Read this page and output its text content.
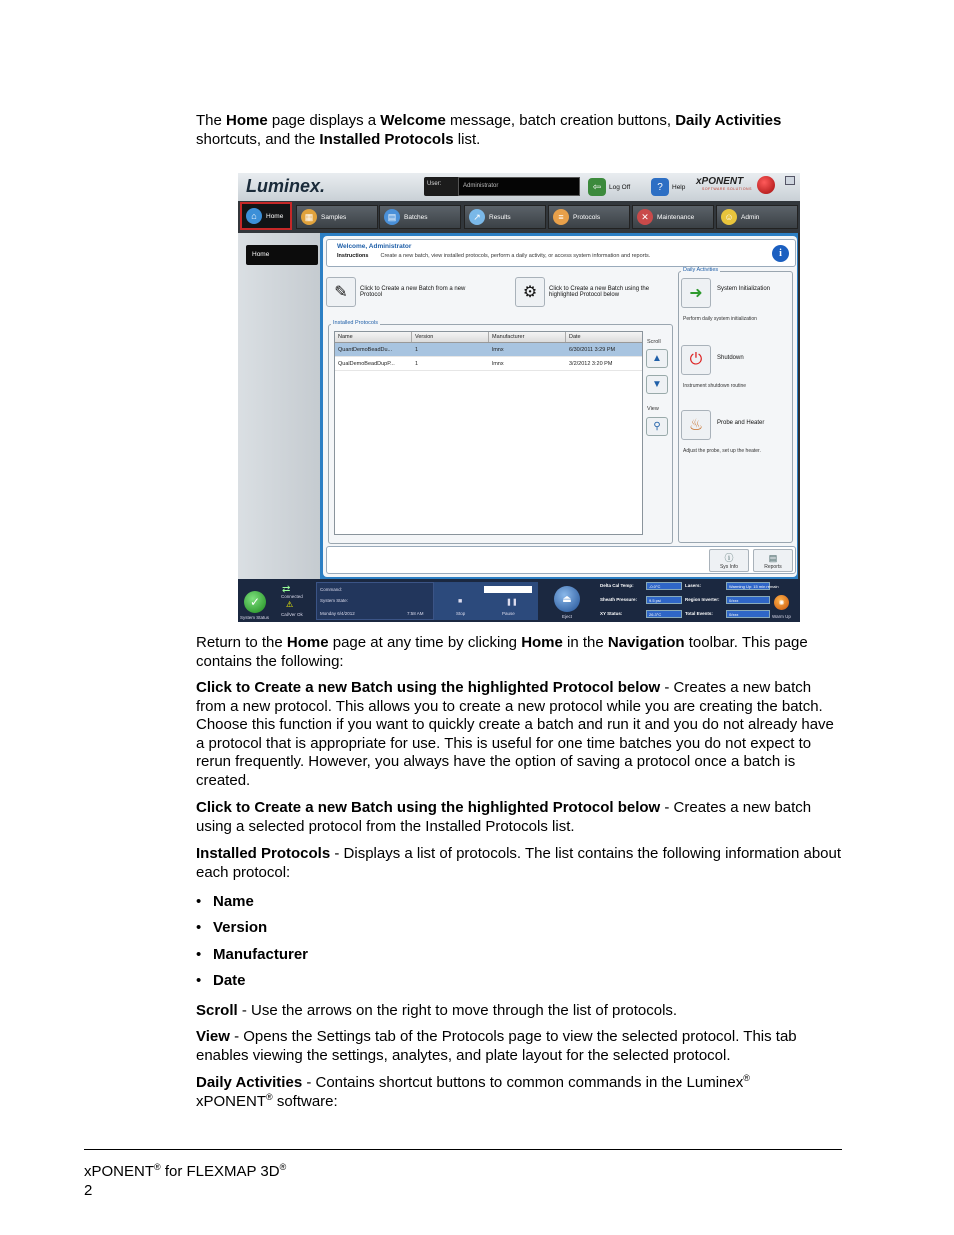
The Home page displays a Welcome message, batch creation buttons, Daily Activities shortcuts, and the Installed Protocols list.

Luminex.	User:	Administrator	⇦	Log Off	?	Help xPONENT
SOFTWARE SOLUTIONS
⌂	Home	▦	Samples	▤	Batches	↗	Results	≡	Protocols	✕	Maintenance	☺	Admin
Home
Welcome, Administrator
Instructions Create a new batch, view installed protocols, perform a daily activity, or access system information and reports.	i
✎	Click to Create a new Batch from a new Protocol	⚙	Click to Create a new Batch using the highlighted Protocol below
Name	Version	Manufacturer	Date
QuantDemoBeadDu...	1	lmnx	6/30/2011 3:29 PM
QualDemoBeadDupP...	1	lmnx	3/2/2012 3:20 PM
Scroll
▲
▼
View
⚲
Installed Protocols
➜	System Initialization
Perform daily system initialization
⏻	Shutdown
Instrument shutdown routine
♨	Probe and Heater
Adjust the probe, set up the heater.
Daily Activities
ⓘ
Sys Info
▤
Reports
✓
System Status
⇄
Connected
⚠
Cal/Ver Ok
Command:
System State:
Monday 6/4/2012	7:58 AM
■
Stop
❚❚
Pause
⏏
Eject
Delta Cal Temp:	-0.0°C
Sheath Pressure:	9.5 psi
XY Status:	26.3°C
Lasers:	Warming Up: 15 min remain
Region Inverter:	0/xxx
Total Events:	0/xxx
✺
Warm Up

Return to the Home page at any time by clicking Home in the Navigation toolbar. This page contains the following:

Click to Create a new Batch using the highlighted Protocol below - Creates a new batch from a new protocol. This allows you to create a new protocol while you are creating the batch. Choose this function if you want to quickly create a batch and run it and you do not already have a protocol that is appropriate for use. This is useful for one time batches you do not expect to rerun frequently. However, you always have the option of saving a protocol once a batch is created.

Click to Create a new Batch using the highlighted Protocol below - Creates a new batch using a selected protocol from the Installed Protocols list.

Installed Protocols - Displays a list of protocols. The list contains the following information about each protocol:

• Name
• Version
• Manufacturer
• Date

Scroll - Use the arrows on the right to move through the list of protocols.

View - Opens the Settings tab of the Protocols page to view the selected protocol. This tab enables viewing the settings, analytes, and plate layout for the selected protocol.

Daily Activities - Contains shortcut buttons to common commands in the Luminex®
xPONENT® software:

xPONENT® for FLEXMAP 3D®
2
